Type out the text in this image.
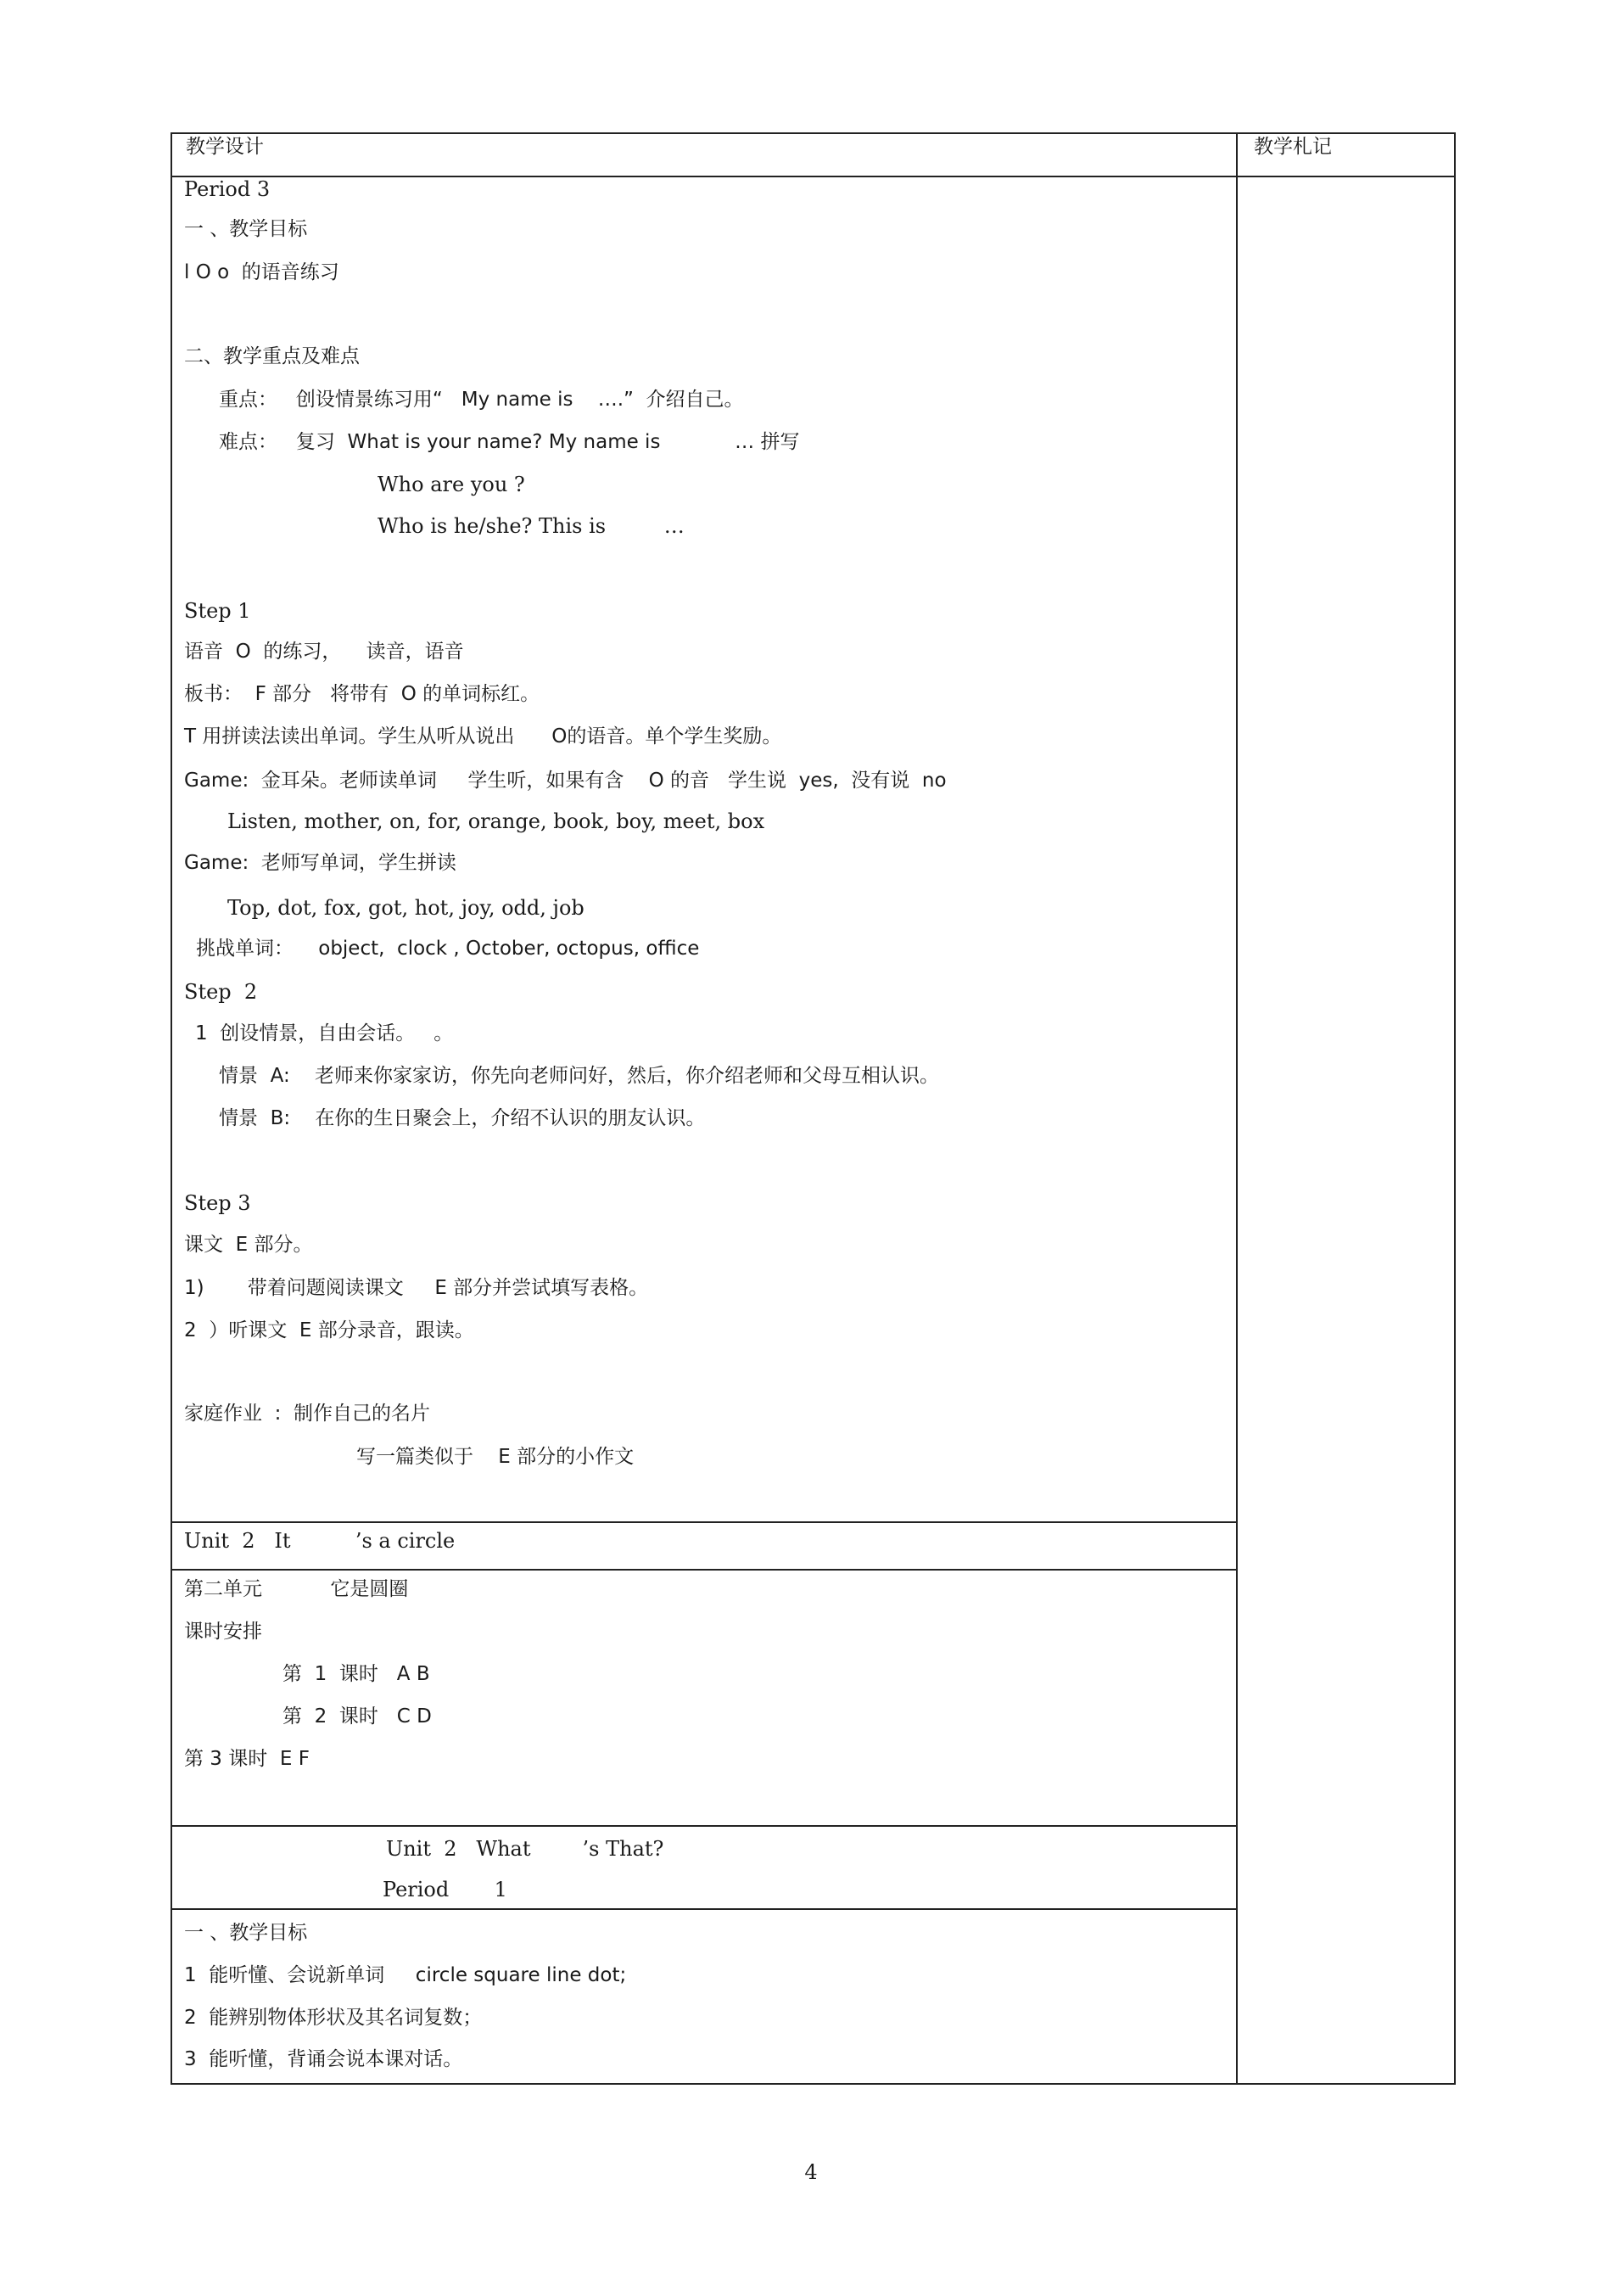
教学设计	教学札记
Period 3
一 、教学目标
l O o  的语音练习
二、教学重点及难点
重点：   创设情景练习用“   My name is    ….”  介绍自己。
难点：   复习  What is your name? My name is            … 拼写
Who are you ?
Who is he/she? This is         …
Step 1
语音  O  的练习，    读音，语音
板书：  F 部分   将带有  O 的单词标红。
T 用拼读法读出单词。学生从听从说出      O的语音。单个学生奖励。
Game:  金耳朵。老师读单词     学生听，如果有含    O 的音   学生说  yes,  没有说  no
Listen, mother, on, for, orange, book, boy, meet, box
Game:  老师写单词，学生拼读
Top, dot, fox, got, hot, joy, odd, job
挑战单词：    object,  clock , October, octopus, office
Step  2
1  创设情景，自由会话。   。
情景  A:    老师来你家家访，你先向老师问好，然后，你介绍老师和父母互相认识。
情景  B:    在你的生日聚会上，介绍不认识的朋友认识。
Step 3
课文  E 部分。
1)       带着问题阅读课文     E 部分并尝试填写表格。
2  ）听课文  E 部分录音，跟读。
家庭作业  :  制作自己的名片
写一篇类似于    E 部分的小作文
Unit  2   It          ’s a circle
第二单元           它是圆圈
课时安排
第  1  课时   A B
第  2  课时   C D
第 3 课时  E F
Unit  2   What        ’s That?
Period       1
一 、教学目标
1  能听懂、会说新单词     circle square line dot;
2  能辨别物体形状及其名词复数；
3  能听懂，背诵会说本课对话。
4
